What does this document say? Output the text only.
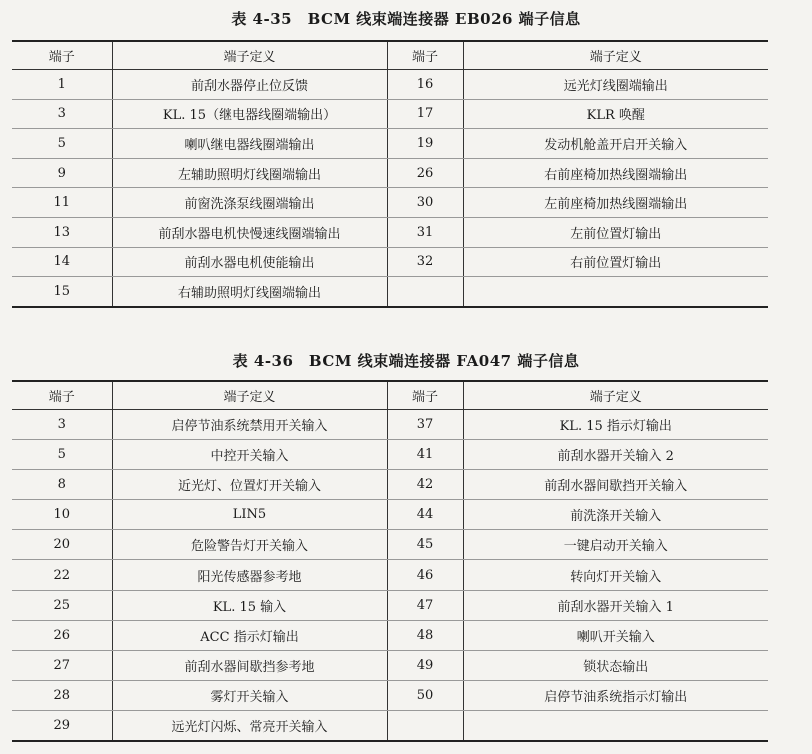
表 4-35　BCM 线束端连接器 EB026 端子信息
端子	端子定义	端子	端子定义
1	前刮水器停止位反馈	16	远光灯线圈端输出
3	KL. 15（继电器线圈端输出）	17	KLR 唤醒
5	喇叭继电器线圈端输出	19	发动机舱盖开启开关输入
9	左辅助照明灯线圈端输出	26	右前座椅加热线圈端输出
11	前窗洗涤泵线圈端输出	30	左前座椅加热线圈端输出
13	前刮水器电机快慢速线圈端输出	31	左前位置灯输出
14	前刮水器电机使能输出	32	右前位置灯输出
15	右辅助照明灯线圈端输出		
表 4-36　BCM 线束端连接器 FA047 端子信息
端子	端子定义	端子	端子定义
3	启停节油系统禁用开关输入	37	KL. 15 指示灯输出
5	中控开关输入	41	前刮水器开关输入 2
8	近光灯、位置灯开关输入	42	前刮水器间歇挡开关输入
10	LIN5	44	前洗涤开关输入
20	危险警告灯开关输入	45	一键启动开关输入
22	阳光传感器参考地	46	转向灯开关输入
25	KL. 15 输入	47	前刮水器开关输入 1
26	ACC 指示灯输出	48	喇叭开关输入
27	前刮水器间歇挡参考地	49	锁状态输出
28	雾灯开关输入	50	启停节油系统指示灯输出
29	远光灯闪烁、常亮开关输入		
